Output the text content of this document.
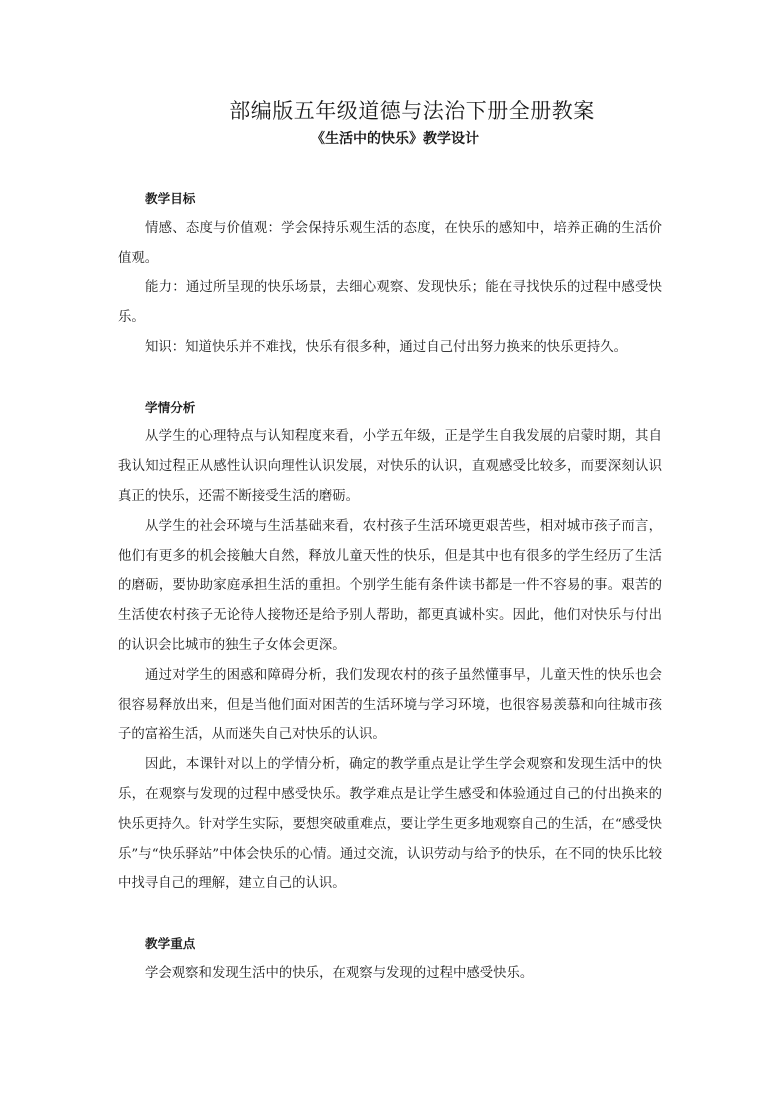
部编版五年级道德与法治下册全册教案
《生活中的快乐》教学设计

教学目标

情感、态度与价值观：学会保持乐观生活的态度，在快乐的感知中，培养正确的生活价值观。

能力：通过所呈现的快乐场景，去细心观察、发现快乐；能在寻找快乐的过程中感受快乐。

知识：知道快乐并不难找，快乐有很多种，通过自己付出努力换来的快乐更持久。

学情分析

从学生的心理特点与认知程度来看，小学五年级，正是学生自我发展的启蒙时期，其自我认知过程正从感性认识向理性认识发展，对快乐的认识，直观感受比较多，而要深刻认识真正的快乐，还需不断接受生活的磨砺。

从学生的社会环境与生活基础来看，农村孩子生活环境更艰苦些，相对城市孩子而言，他们有更多的机会接触大自然，释放儿童天性的快乐，但是其中也有很多的学生经历了生活的磨砺，要协助家庭承担生活的重担。个别学生能有条件读书都是一件不容易的事。艰苦的生活使农村孩子无论待人接物还是给予别人帮助，都更真诚朴实。因此，他们对快乐与付出的认识会比城市的独生子女体会更深。

通过对学生的困惑和障碍分析，我们发现农村的孩子虽然懂事早，儿童天性的快乐也会很容易释放出来，但是当他们面对困苦的生活环境与学习环境，也很容易羡慕和向往城市孩子的富裕生活，从而迷失自己对快乐的认识。

因此，本课针对以上的学情分析，确定的教学重点是让学生学会观察和发现生活中的快乐，在观察与发现的过程中感受快乐。教学难点是让学生感受和体验通过自己的付出换来的快乐更持久。针对学生实际，要想突破重难点，要让学生更多地观察自己的生活，在“感受快乐”与“快乐驿站”中体会快乐的心情。通过交流，认识劳动与给予的快乐，在不同的快乐比较中找寻自己的理解，建立自己的认识。

教学重点

学会观察和发现生活中的快乐，在观察与发现的过程中感受快乐。
